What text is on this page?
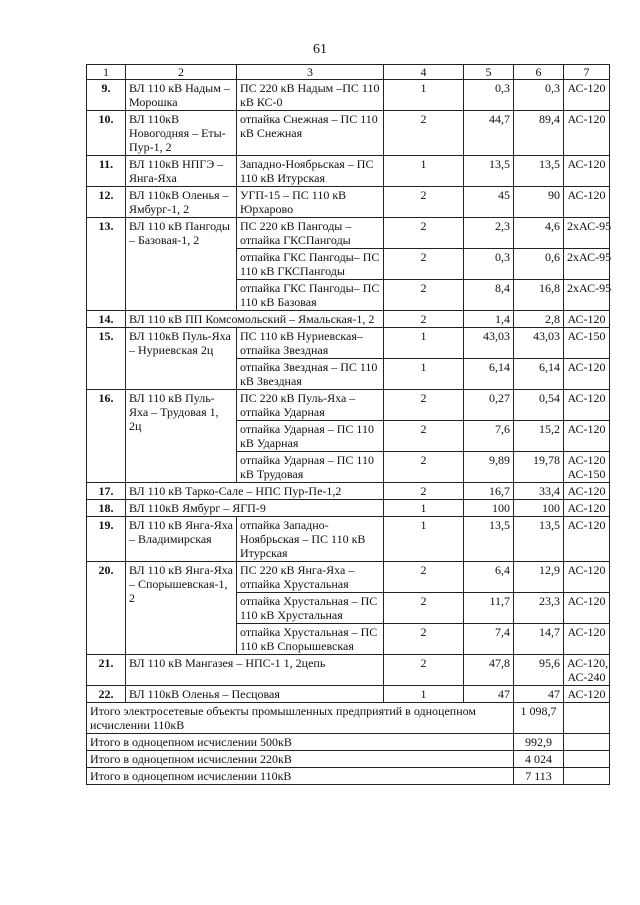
61
1	2	3	4	5	6	7
9.	ВЛ 110 кВ Надым – Морошка	ПС 220 кВ Надым –ПС 110 кВ КС-0	1	0,3	0,3	АС-120
10.	ВЛ 110кВ Новогодняя – Еты-Пур-1, 2	отпайка Снежная – ПС 110 кВ Снежная	2	44,7	89,4	АС-120
11.	ВЛ 110кВ НПГЭ – Янга-Яха	Западно-Ноябрьская – ПС 110 кВ Итурская	1	13,5	13,5	АС-120
12.	ВЛ 110кВ Оленья – Ямбург-1, 2	УГП-15 – ПС 110 кВ Юрхарово	2	45	90	АС-120
13.	ВЛ 110 кВ Пангоды – Базовая-1, 2	ПС 220 кВ Пангоды – отпайка ГКСПангоды	2	2,3	4,6	2хАС-95
		отпайка ГКС Пангоды– ПС 110 кВ ГКСПангоды	2	0,3	0,6	2хАС-95
		отпайка ГКС Пангоды– ПС 110 кВ Базовая	2	8,4	16,8	2хАС-95
14.	ВЛ 110 кВ ПП Комсомольский – Ямальская-1, 2		2	1,4	2,8	АС-120
15.	ВЛ 110кВ Пуль-Яха – Нуриевская 2ц	ПС 110 кВ Нуриевская– отпайка Звездная	1	43,03	43,03	АС-150
		отпайка Звездная – ПС 110 кВ Звездная	1	6,14	6,14	АС-120
16.	ВЛ 110 кВ Пуль-Яха – Трудовая 1, 2ц	ПС 220 кВ Пуль-Яха – отпайка Ударная	2	0,27	0,54	АС-120
		отпайка Ударная – ПС 110 кВ Ударная	2	7,6	15,2	АС-120
		отпайка Ударная – ПС 110 кВ Трудовая	2	9,89	19,78	АС-120 АС-150
17.	ВЛ 110 кВ Тарко-Сале – НПС Пур-Пе-1,2		2	16,7	33,4	АС-120
18.	ВЛ 110кВ Ямбург – ЯГП-9		1	100	100	АС-120
19.	ВЛ 110 кВ Янга-Яха – Владимирская	отпайка Западно-Ноябрьская – ПС 110 кВ Итурская	1	13,5	13,5	АС-120
20.	ВЛ 110 кВ Янга-Яха – Спорышевская-1, 2	ПС 220 кВ Янга-Яха – отпайка Хрустальная	2	6,4	12,9	АС-120
		отпайка Хрустальная – ПС 110 кВ Хрустальная	2	11,7	23,3	АС-120
		отпайка Хрустальная – ПС 110 кВ Спорышевская	2	7,4	14,7	АС-120
21.	ВЛ 110 кВ Мангазея – НПС-1 1, 2цепь		2	47,8	95,6	АС-120, АС-240
22.	ВЛ 110кВ Оленья – Песцовая		1	47	47	АС-120
Итого электросетевые объекты промышленных предприятий в одноцепном исчислении 110кВ					1 098,7	
Итого в одноцепном исчислении 500кВ					992,9	
Итого в одноцепном исчислении 220кВ					4 024	
Итого в одноцепном исчислении 110кВ					7 113	
